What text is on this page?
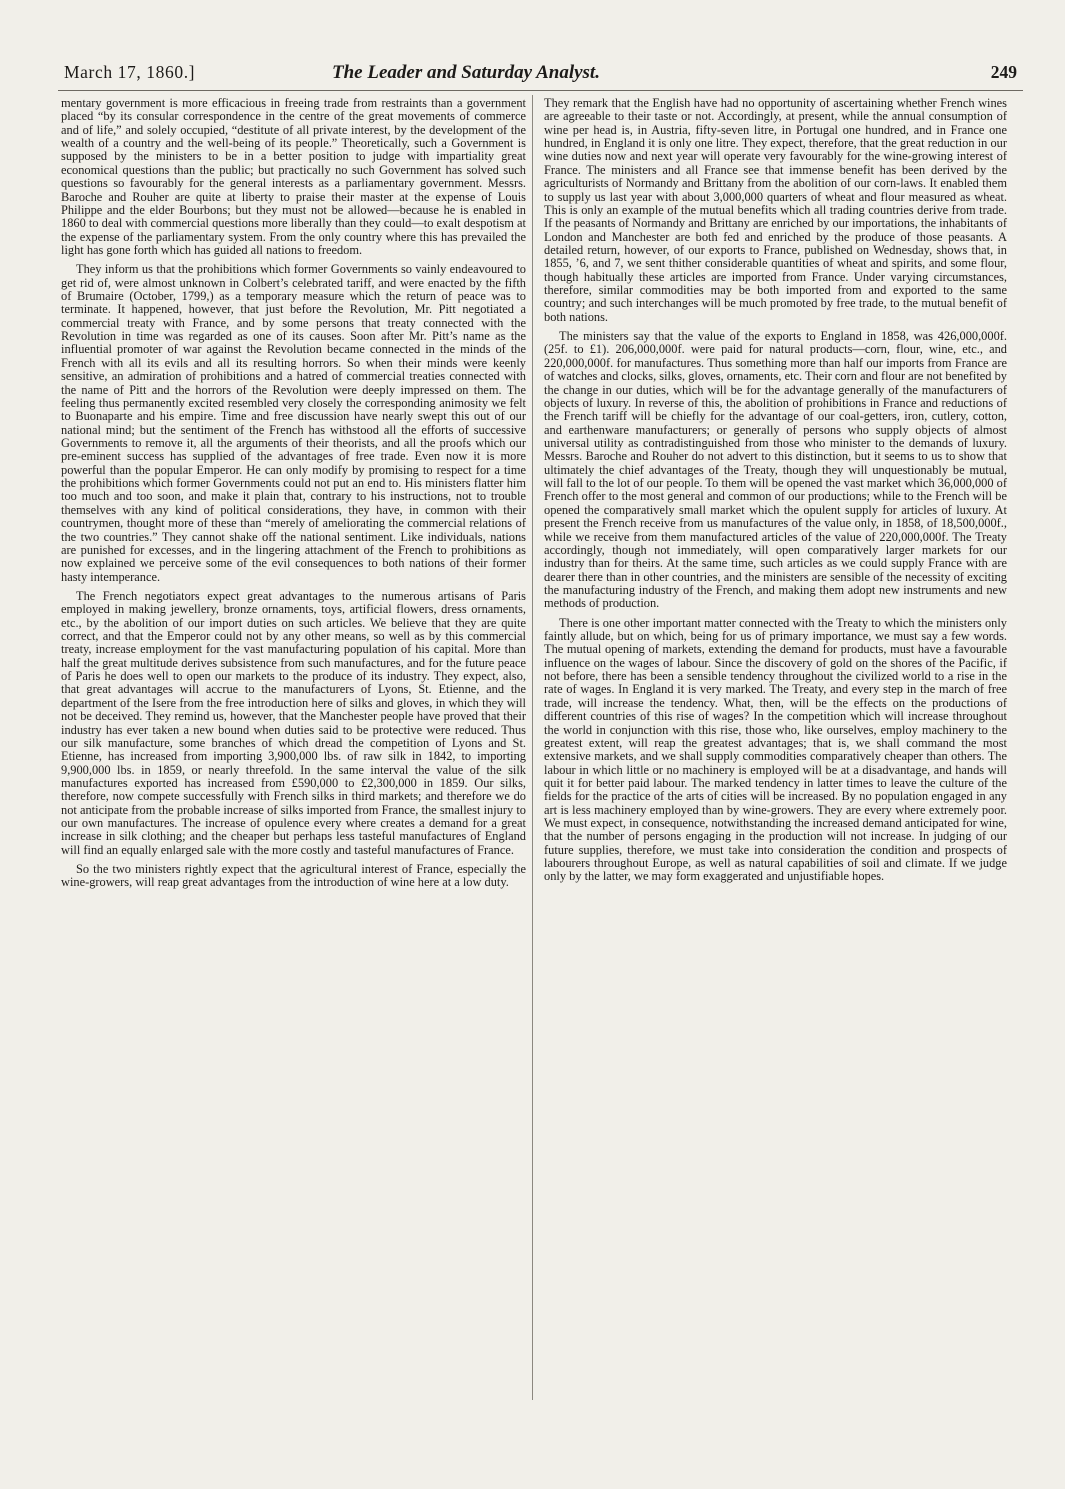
March 17, 1860.]	The Leader and Saturday Analyst.	249

mentary government is more efficacious in freeing trade from restraints than a government placed “by its consular correspondence in the centre of the great movements of commerce and of life,” and solely occupied, “destitute of all private interest, by the development of the wealth of a country and the well-being of its people.” Theoretically, such a Government is supposed by the ministers to be in a better position to judge with impartiality great economical questions than the public; but practically no such Government has solved such questions so favourably for the general interests as a parliamentary government. Messrs. Baroche and Rouher are quite at liberty to praise their master at the expense of Louis Philippe and the elder Bourbons; but they must not be allowed—because he is enabled in 1860 to deal with commercial questions more liberally than they could—to exalt despotism at the expense of the parliamentary system. From the only country where this has prevailed the light has gone forth which has guided all nations to freedom.

They inform us that the prohibitions which former Governments so vainly endeavoured to get rid of, were almost unknown in Colbert’s celebrated tariff, and were enacted by the fifth of Brumaire (October, 1799,) as a temporary measure which the return of peace was to terminate. It happened, however, that just before the Revolution, Mr. Pitt negotiated a commercial treaty with France, and by some persons that treaty connected with the Revolution in time was regarded as one of its causes. Soon after Mr. Pitt’s name as the influential promoter of war against the Revolution became connected in the minds of the French with all its evils and all its resulting horrors. So when their minds were keenly sensitive, an admiration of prohibitions and a hatred of commercial treaties connected with the name of Pitt and the horrors of the Revolution were deeply impressed on them. The feeling thus permanently excited resembled very closely the corresponding animosity we felt to Buonaparte and his empire. Time and free discussion have nearly swept this out of our national mind; but the sentiment of the French has withstood all the efforts of successive Governments to remove it, all the arguments of their theorists, and all the proofs which our pre-eminent success has supplied of the advantages of free trade. Even now it is more powerful than the popular Emperor. He can only modify by promising to respect for a time the prohibitions which former Governments could not put an end to. His ministers flatter him too much and too soon, and make it plain that, contrary to his instructions, not to trouble themselves with any kind of political considerations, they have, in common with their countrymen, thought more of these than “merely of ameliorating the commercial relations of the two countries.” They cannot shake off the national sentiment. Like individuals, nations are punished for excesses, and in the lingering attachment of the French to prohibitions as now explained we perceive some of the evil consequences to both nations of their former hasty intemperance.

The French negotiators expect great advantages to the numerous artisans of Paris employed in making jewellery, bronze ornaments, toys, artificial flowers, dress ornaments, etc., by the abolition of our import duties on such articles. We believe that they are quite correct, and that the Emperor could not by any other means, so well as by this commercial treaty, increase employment for the vast manufacturing population of his capital. More than half the great multitude derives subsistence from such manufactures, and for the future peace of Paris he does well to open our markets to the produce of its industry. They expect, also, that great advantages will accrue to the manufacturers of Lyons, St. Etienne, and the department of the Isere from the free introduction here of silks and gloves, in which they will not be deceived. They remind us, however, that the Manchester people have proved that their industry has ever taken a new bound when duties said to be protective were reduced. Thus our silk manufacture, some branches of which dread the competition of Lyons and St. Etienne, has increased from importing 3,900,000 lbs. of raw silk in 1842, to importing 9,900,000 lbs. in 1859, or nearly threefold. In the same interval the value of the silk manufactures exported has increased from £590,000 to £2,300,000 in 1859. Our silks, therefore, now compete successfully with French silks in third markets; and therefore we do not anticipate from the probable increase of silks imported from France, the smallest injury to our own manufactures. The increase of opulence every where creates a demand for a great increase in silk clothing; and the cheaper but perhaps less tasteful manufactures of England will find an equally enlarged sale with the more costly and tasteful manufactures of France.

So the two ministers rightly expect that the agricultural interest of France, especially the wine-growers, will reap great advantages from the introduction of wine here at a low duty.

They remark that the English have had no opportunity of ascertaining whether French wines are agreeable to their taste or not. Accordingly, at present, while the annual consumption of wine per head is, in Austria, fifty-seven litre, in Portugal one hundred, and in France one hundred, in England it is only one litre. They expect, therefore, that the great reduction in our wine duties now and next year will operate very favourably for the wine-growing interest of France. The ministers and all France see that immense benefit has been derived by the agriculturists of Normandy and Brittany from the abolition of our corn-laws. It enabled them to supply us last year with about 3,000,000 quarters of wheat and flour measured as wheat. This is only an example of the mutual benefits which all trading countries derive from trade. If the peasants of Normandy and Brittany are enriched by our importations, the inhabitants of London and Manchester are both fed and enriched by the produce of those peasants. A detailed return, however, of our exports to France, published on Wednesday, shows that, in 1855, ’6, and 7, we sent thither considerable quantities of wheat and spirits, and some flour, though habitually these articles are imported from France. Under varying circumstances, therefore, similar commodities may be both imported from and exported to the same country; and such interchanges will be much promoted by free trade, to the mutual benefit of both nations.

The ministers say that the value of the exports to England in 1858, was 426,000,000f. (25f. to £1). 206,000,000f. were paid for natural products—corn, flour, wine, etc., and 220,000,000f. for manufactures. Thus something more than half our imports from France are of watches and clocks, silks, gloves, ornaments, etc. Their corn and flour are not benefited by the change in our duties, which will be for the advantage generally of the manufacturers of objects of luxury. In reverse of this, the abolition of prohibitions in France and reductions of the French tariff will be chiefly for the advantage of our coal-getters, iron, cutlery, cotton, and earthenware manufacturers; or generally of persons who supply objects of almost universal utility as contradistinguished from those who minister to the demands of luxury. Messrs. Baroche and Rouher do not advert to this distinction, but it seems to us to show that ultimately the chief advantages of the Treaty, though they will unquestionably be mutual, will fall to the lot of our people. To them will be opened the vast market which 36,000,000 of French offer to the most general and common of our productions; while to the French will be opened the comparatively small market which the opulent supply for articles of luxury. At present the French receive from us manufactures of the value only, in 1858, of 18,500,000f., while we receive from them manufactured articles of the value of 220,000,000f. The Treaty accordingly, though not immediately, will open comparatively larger markets for our industry than for theirs. At the same time, such articles as we could supply France with are dearer there than in other countries, and the ministers are sensible of the necessity of exciting the manufacturing industry of the French, and making them adopt new instruments and new methods of production.

There is one other important matter connected with the Treaty to which the ministers only faintly allude, but on which, being for us of primary importance, we must say a few words. The mutual opening of markets, extending the demand for products, must have a favourable influence on the wages of labour. Since the discovery of gold on the shores of the Pacific, if not before, there has been a sensible tendency throughout the civilized world to a rise in the rate of wages. In England it is very marked. The Treaty, and every step in the march of free trade, will increase the tendency. What, then, will be the effects on the productions of different countries of this rise of wages? In the competition which will increase throughout the world in conjunction with this rise, those who, like ourselves, employ machinery to the greatest extent, will reap the greatest advantages; that is, we shall command the most extensive markets, and we shall supply commodities comparatively cheaper than others. The labour in which little or no machinery is employed will be at a disadvantage, and hands will quit it for better paid labour. The marked tendency in latter times to leave the culture of the fields for the practice of the arts of cities will be increased. By no population engaged in any art is less machinery employed than by wine-growers. They are every where extremely poor. We must expect, in consequence, notwithstanding the increased demand anticipated for wine, that the number of persons engaging in the production will not increase. In judging of our future supplies, therefore, we must take into consideration the condition and prospects of labourers throughout Europe, as well as natural capabilities of soil and climate. If we judge only by the latter, we may form exaggerated and unjustifiable hopes.
